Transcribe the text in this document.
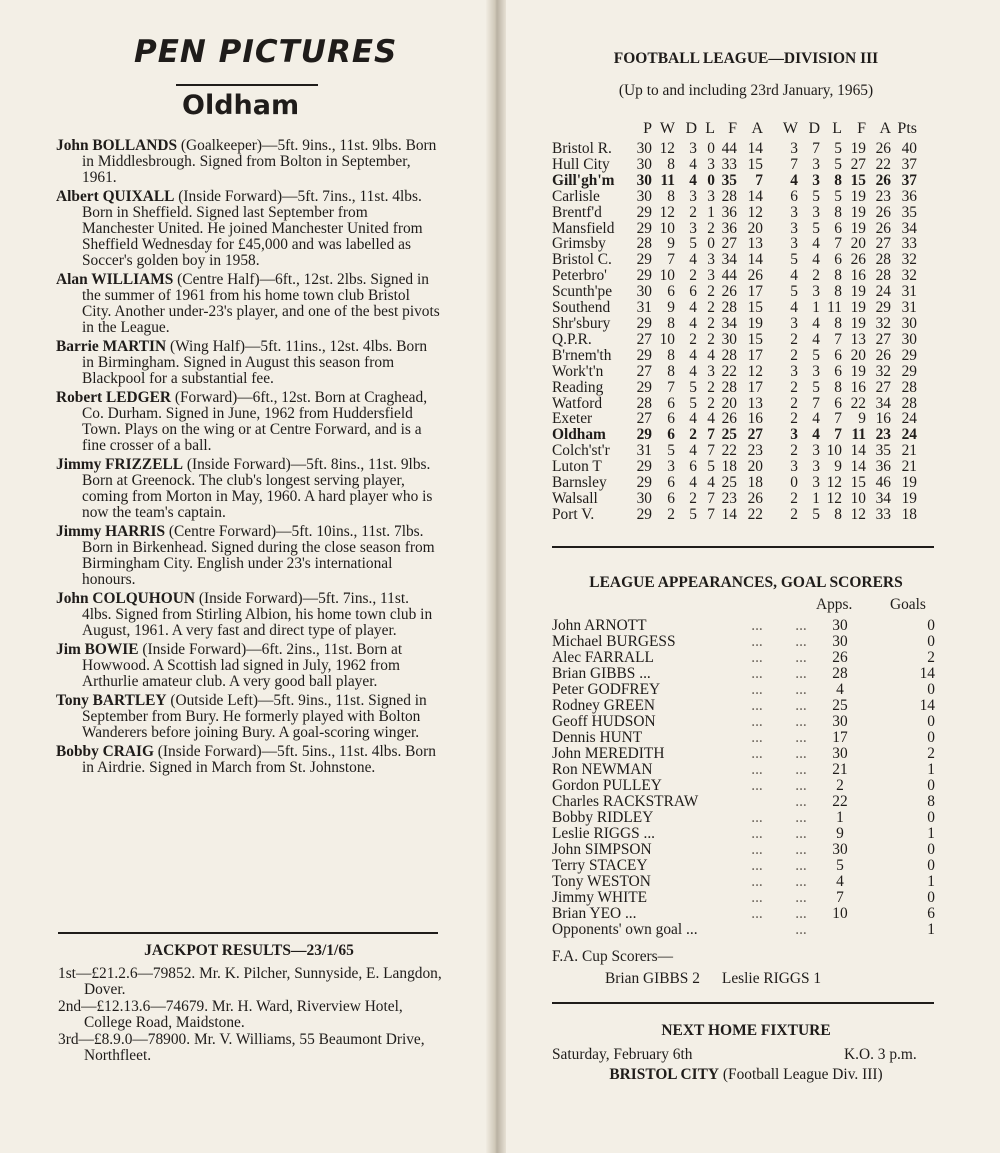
PEN PICTURES
Oldham

John BOLLANDS (Goalkeeper)—5ft. 9ins., 11st. 9lbs. Born in Middlesbrough. Signed from Bolton in September, 1961.

Albert QUIXALL (Inside Forward)—5ft. 7ins., 11st. 4lbs. Born in Sheffield. Signed last September from Manchester United. He joined Manchester United from Sheffield Wednesday for £45,000 and was labelled as Soccer's golden boy in 1958.

Alan WILLIAMS (Centre Half)—6ft., 12st. 2lbs. Signed in the summer of 1961 from his home town club Bristol City. Another under-23's player, and one of the best pivots in the League.

Barrie MARTIN (Wing Half)—5ft. 11ins., 12st. 4lbs. Born in Birmingham. Signed in August this season from Blackpool for a substantial fee.

Robert LEDGER (Forward)—6ft., 12st. Born at Craghead, Co. Durham. Signed in June, 1962 from Huddersfield Town. Plays on the wing or at Centre Forward, and is a fine crosser of a ball.

Jimmy FRIZZELL (Inside Forward)—5ft. 8ins., 11st. 9lbs. Born at Greenock. The club's longest serving player, coming from Morton in May, 1960. A hard player who is now the team's captain.

Jimmy HARRIS (Centre Forward)—5ft. 10ins., 11st. 7lbs. Born in Birkenhead. Signed during the close season from Birmingham City. English under 23's international honours.

John COLQUHOUN (Inside Forward)—5ft. 7ins., 11st. 4lbs. Signed from Stirling Albion, his home town club in August, 1961. A very fast and direct type of player.

Jim BOWIE (Inside Forward)—6ft. 2ins., 11st. Born at Howwood. A Scottish lad signed in July, 1962 from Arthurlie amateur club. A very good ball player.

Tony BARTLEY (Outside Left)—5ft. 9ins., 11st. Signed in September from Bury. He formerly played with Bolton Wanderers before joining Bury. A goal-scoring winger.

Bobby CRAIG (Inside Forward)—5ft. 5ins., 11st. 4lbs. Born in Airdrie. Signed in March from St. Johnstone.

JACKPOT RESULTS—23/1/65

1st—£21.2.6—79852. Mr. K. Pilcher, Sunnyside, E. Langdon, Dover.

2nd—£12.13.6—74679. Mr. H. Ward, Riverview Hotel, College Road, Maidstone.

3rd—£8.9.0—78900. Mr. V. Williams, 55 Beaumont Drive, Northfleet.

FOOTBALL LEAGUE—DIVISION III

(Up to and including 23rd January, 1965)

	P	W	D	L	F	A	W	D	L	F	A	Pts
Bristol R.	30	12	3	0	44	14	3	7	5	19	26	40
Hull City	30	8	4	3	33	15	7	3	5	27	22	37
Gill'gh'm	30	11	4	0	35	7	4	3	8	15	26	37
Carlisle	30	8	3	3	28	14	6	5	5	19	23	36
Brentf'd	29	12	2	1	36	12	3	3	8	19	26	35
Mansfield	29	10	3	2	36	20	3	5	6	19	26	34
Grimsby	28	9	5	0	27	13	3	4	7	20	27	33
Bristol C.	29	7	4	3	34	14	5	4	6	26	28	32
Peterbro'	29	10	2	3	44	26	4	2	8	16	28	32
Scunth'pe	30	6	6	2	26	17	5	3	8	19	24	31
Southend	31	9	4	2	28	15	4	1	11	19	29	31
Shr'sbury	29	8	4	2	34	19	3	4	8	19	32	30
Q.P.R.	27	10	2	2	30	15	2	4	7	13	27	30
B'rnem'th	29	8	4	4	28	17	2	5	6	20	26	29
Work't'n	27	8	4	3	22	12	3	3	6	19	32	29
Reading	29	7	5	2	28	17	2	5	8	16	27	28
Watford	28	6	5	2	20	13	2	7	6	22	34	28
Exeter	27	6	4	4	26	16	2	4	7	9	16	24
Oldham	29	6	2	7	25	27	3	4	7	11	23	24
Colch'st'r	31	5	4	7	22	23	2	3	10	14	35	21
Luton T	29	3	6	5	18	20	3	3	9	14	36	21
Barnsley	29	6	4	4	25	18	0	3	12	15	46	19
Walsall	30	6	2	7	23	26	2	1	12	10	34	19
Port V.	29	2	5	7	14	22	2	5	8	12	33	18
LEAGUE APPEARANCES, GOAL SCORERS
Apps. Goals
John ARNOTT	...	...	30	0
Michael BURGESS	...	...	30	0
Alec FARRALL	...	...	26	2
Brian GIBBS ...	...	...	28	14
Peter GODFREY	...	...	4	0
Rodney GREEN	...	...	25	14
Geoff HUDSON	...	...	30	0
Dennis HUNT	...	...	17	0
John MEREDITH	...	...	30	2
Ron NEWMAN	...	...	21	1
Gordon PULLEY	...	...	2	0
Charles RACKSTRAW		...	22	8
Bobby RIDLEY	...	...	1	0
Leslie RIGGS ...	...	...	9	1
John SIMPSON	...	...	30	0
Terry STACEY	...	...	5	0
Tony WESTON	...	...	4	1
Jimmy WHITE	...	...	7	0
Brian YEO ...	...	...	10	6
Opponents' own goal ...		...		1

F.A. Cup Scorers—

Brian GIBBS 2 Leslie RIGGS 1

NEXT HOME FIXTURE

Saturday, February 6th	K.O. 3 p.m.

BRISTOL CITY (Football League Div. III)
